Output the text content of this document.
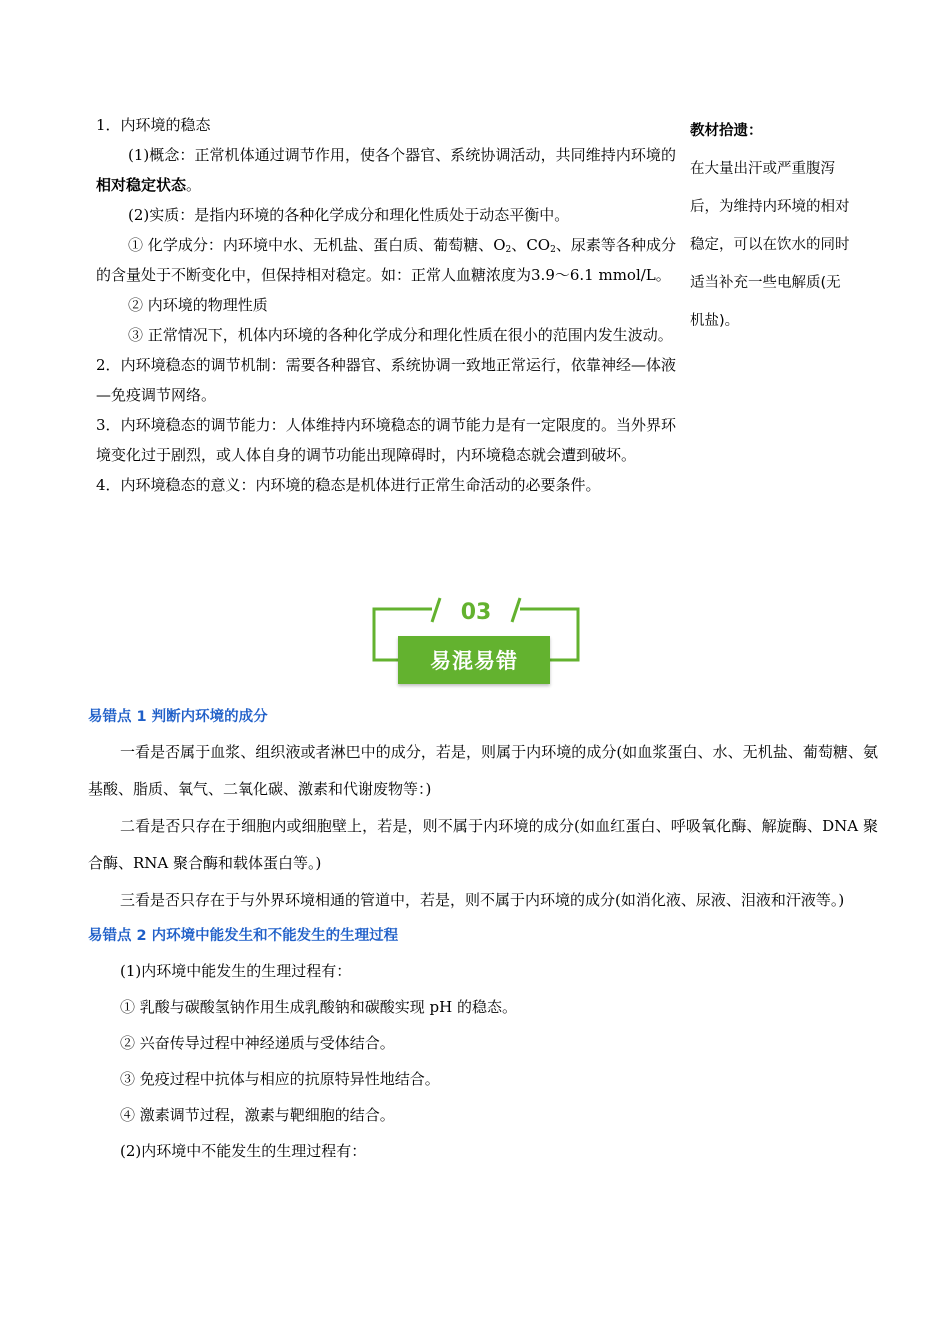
1．内环境的稳态

(1)概念：正常机体通过调节作用，使各个器官、系统协调活动，共同维持内环境的相对稳定状态。

(2)实质：是指内环境的各种化学成分和理化性质处于动态平衡中。

① 化学成分：内环境中水、无机盐、蛋白质、葡萄糖、$O_2$、$CO_2$、尿素等各种成分的含量处于不断变化中，但保持相对稳定。如：正常人血糖浓度为3.9～6.1 mmol/L。

② 内环境的物理性质

③ 正常情况下，机体内环境的各种化学成分和理化性质在很小的范围内发生波动。

2．内环境稳态的调节机制：需要各种器官、系统协调一致地正常运行，依靠神经—体液—免疫调节网络。

3．内环境稳态的调节能力：人体维持内环境稳态的调节能力是有一定限度的。当外界环境变化过于剧烈，或人体自身的调节功能出现障碍时，内环境稳态就会遭到破坏。

4．内环境稳态的意义：内环境的稳态是机体进行正常生命活动的必要条件。

教材拾遗：

在大量出汗或严重腹泻后，为维持内环境的相对稳定，可以在饮水的同时适当补充一些电解质(无机盐)。

03
易混易错

易错点 1 判断内环境的成分

一看是否属于血浆、组织液或者淋巴中的成分，若是，则属于内环境的成分(如血浆蛋白、水、无机盐、葡萄糖、氨基酸、脂质、氧气、二氧化碳、激素和代谢废物等：)

二看是否只存在于细胞内或细胞壁上，若是，则不属于内环境的成分(如血红蛋白、呼吸氧化酶、解旋酶、DNA 聚合酶、RNA 聚合酶和载体蛋白等。)

三看是否只存在于与外界环境相通的管道中，若是，则不属于内环境的成分(如消化液、尿液、泪液和汗液等。)

易错点 2 内环境中能发生和不能发生的生理过程

(1)内环境中能发生的生理过程有：

① 乳酸与碳酸氢钠作用生成乳酸钠和碳酸实现 pH 的稳态。

② 兴奋传导过程中神经递质与受体结合。

③ 免疫过程中抗体与相应的抗原特异性地结合。

④ 激素调节过程，激素与靶细胞的结合。

(2)内环境中不能发生的生理过程有：
